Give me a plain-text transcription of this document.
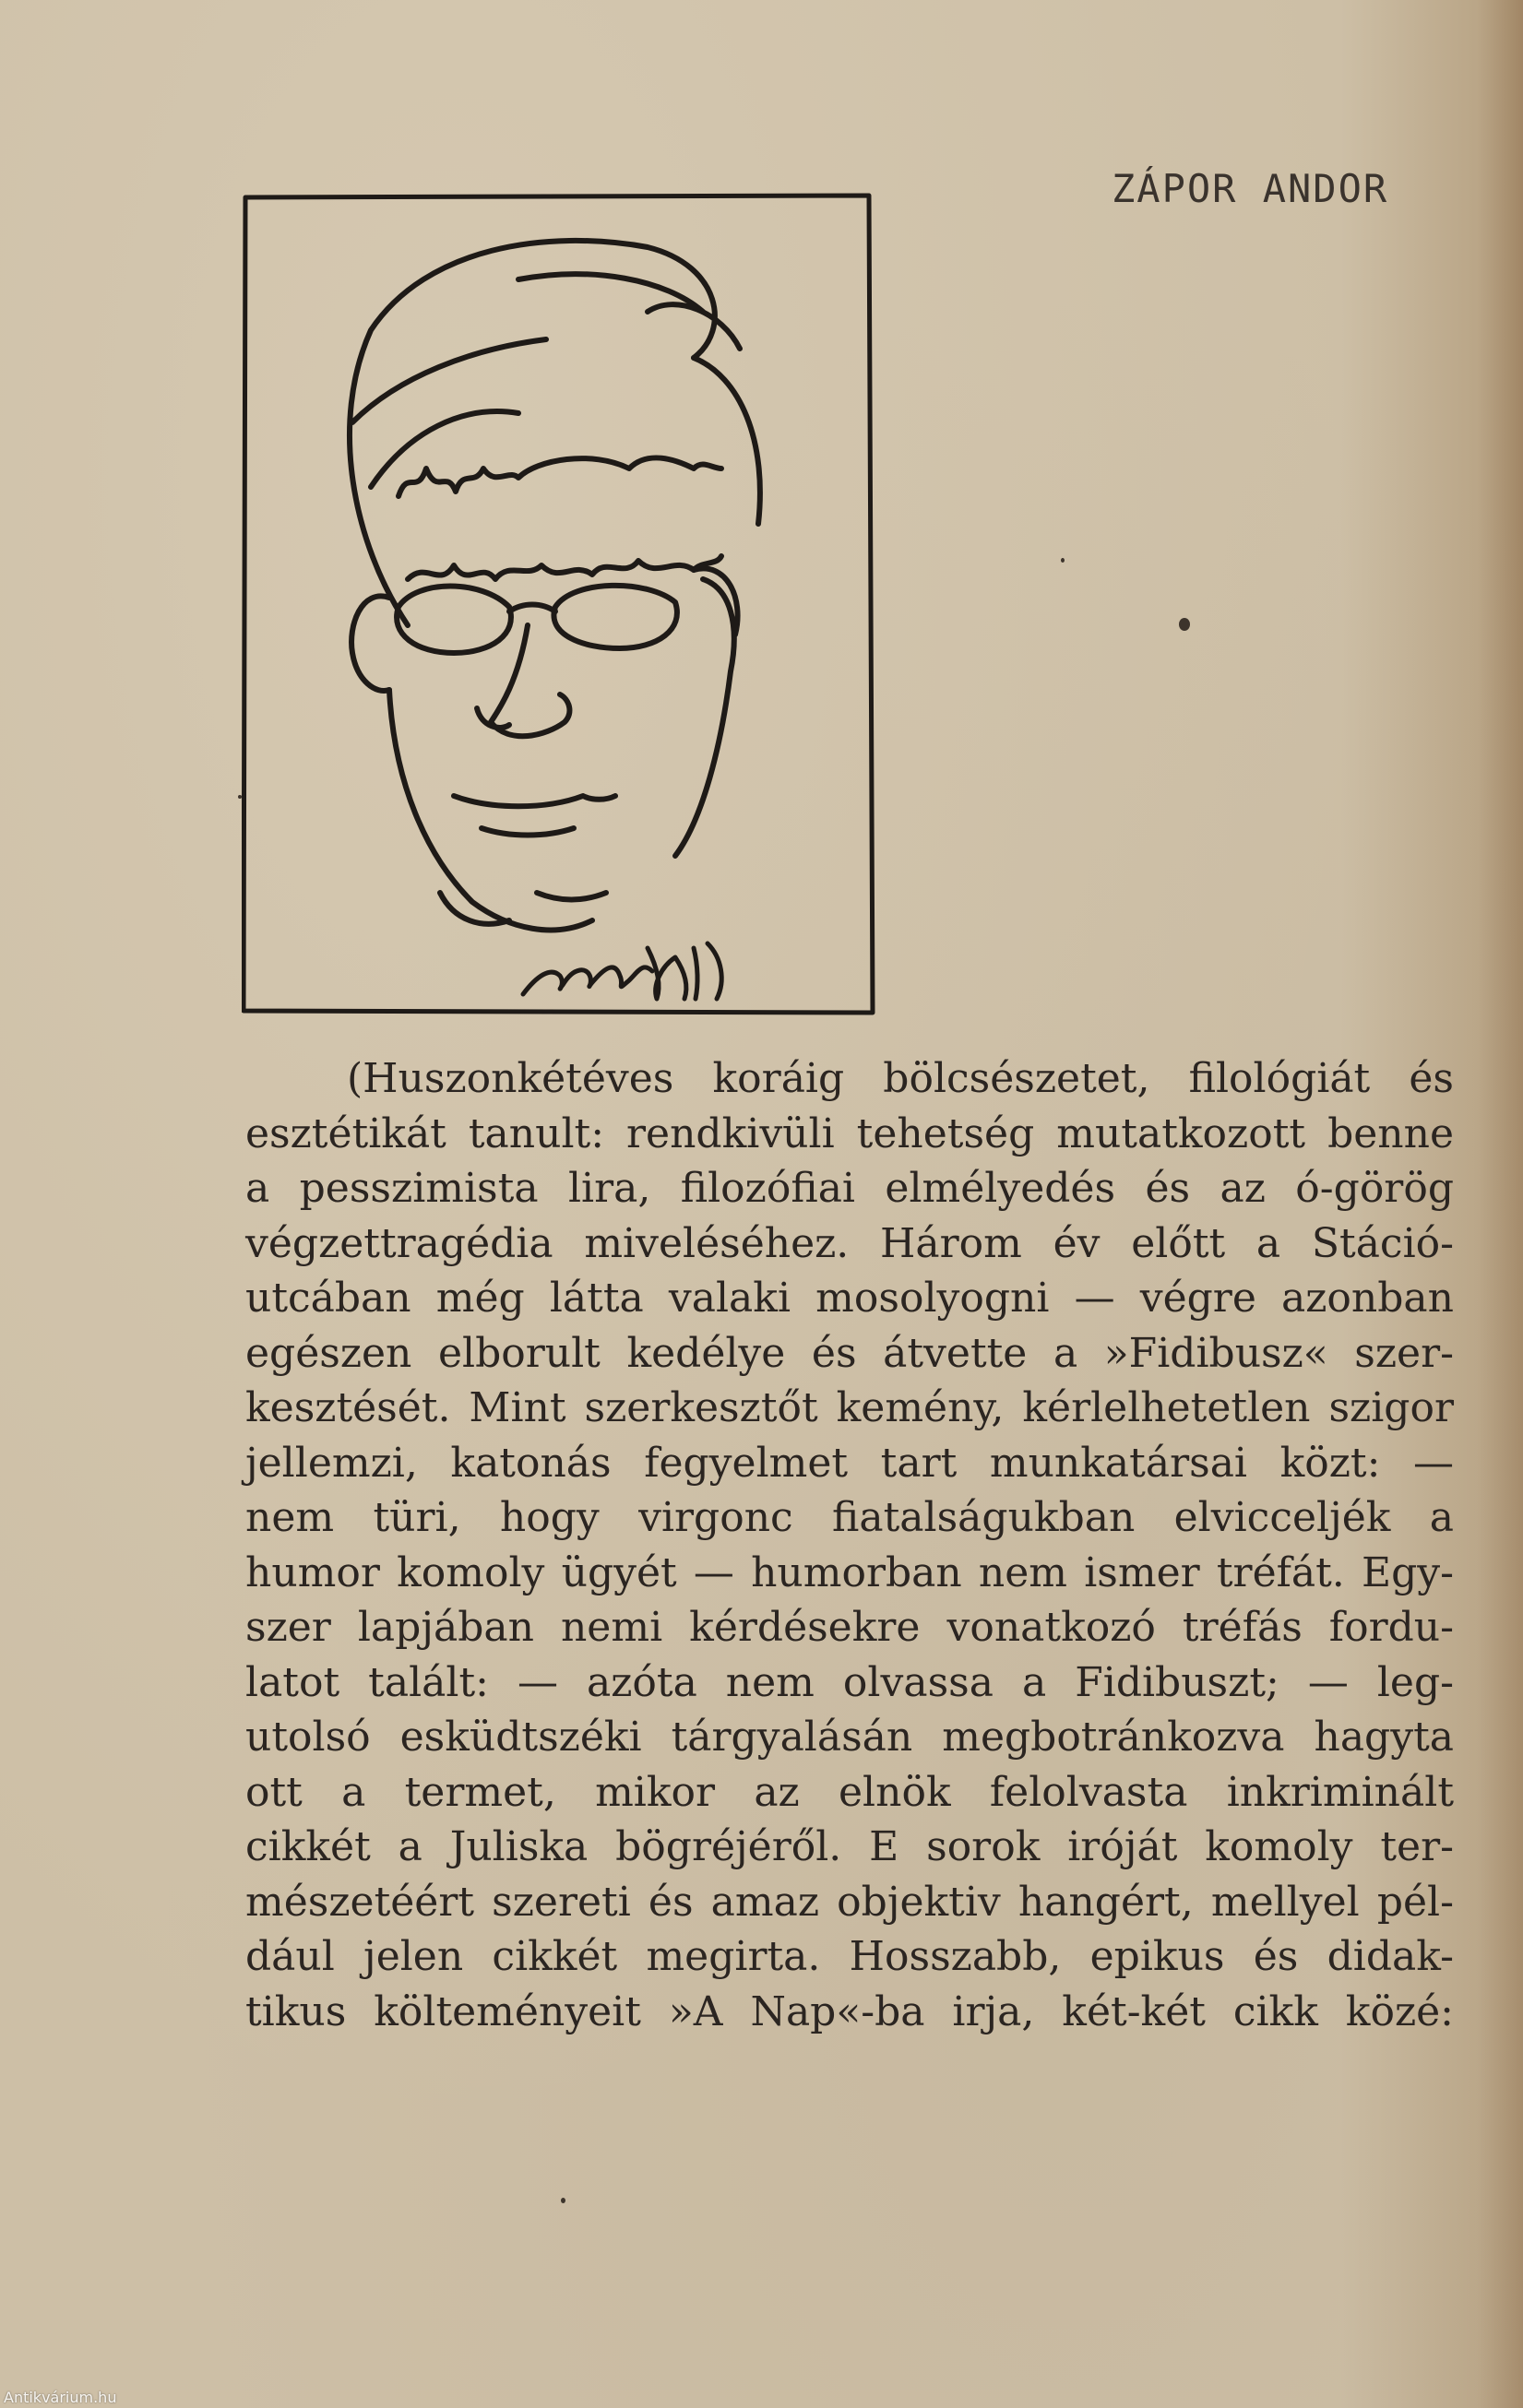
ZÁPOR ANDOR
(Huszonkétéves koráig bölcsészetet, filológiát és
esztétikát tanult: rendkivüli tehetség mutatkozott benne
a pesszimista lira, filozófiai elmélyedés és az ó-görög
végzettragédia miveléséhez. Három év előtt a Stáció-
utcában még látta valaki mosolyogni — végre azonban
egészen elborult kedélye és átvette a »Fidibusz« szer-
kesztését. Mint szerkesztőt kemény, kérlelhetetlen szigor
jellemzi, katonás fegyelmet tart munkatársai közt: —
nem türi, hogy virgonc fiatalságukban elvicceljék a
humor komoly ügyét — humorban nem ismer tréfát. Egy-
szer lapjában nemi kérdésekre vonatkozó tréfás fordu-
latot talált: — azóta nem olvassa a Fidibuszt; — leg-
utolsó esküdtszéki tárgyalásán megbotránkozva hagyta
ott a termet, mikor az elnök felolvasta inkriminált
cikkét a Juliska bögréjéről. E sorok iróját komoly ter-
mészetéért szereti és amaz objektiv hangért, mellyel pél-
dául jelen cikkét megirta. Hosszabb, epikus és didak-
tikus költeményeit »A Nap«-ba irja, két-két cikk közé:
Antikvárium.hu
